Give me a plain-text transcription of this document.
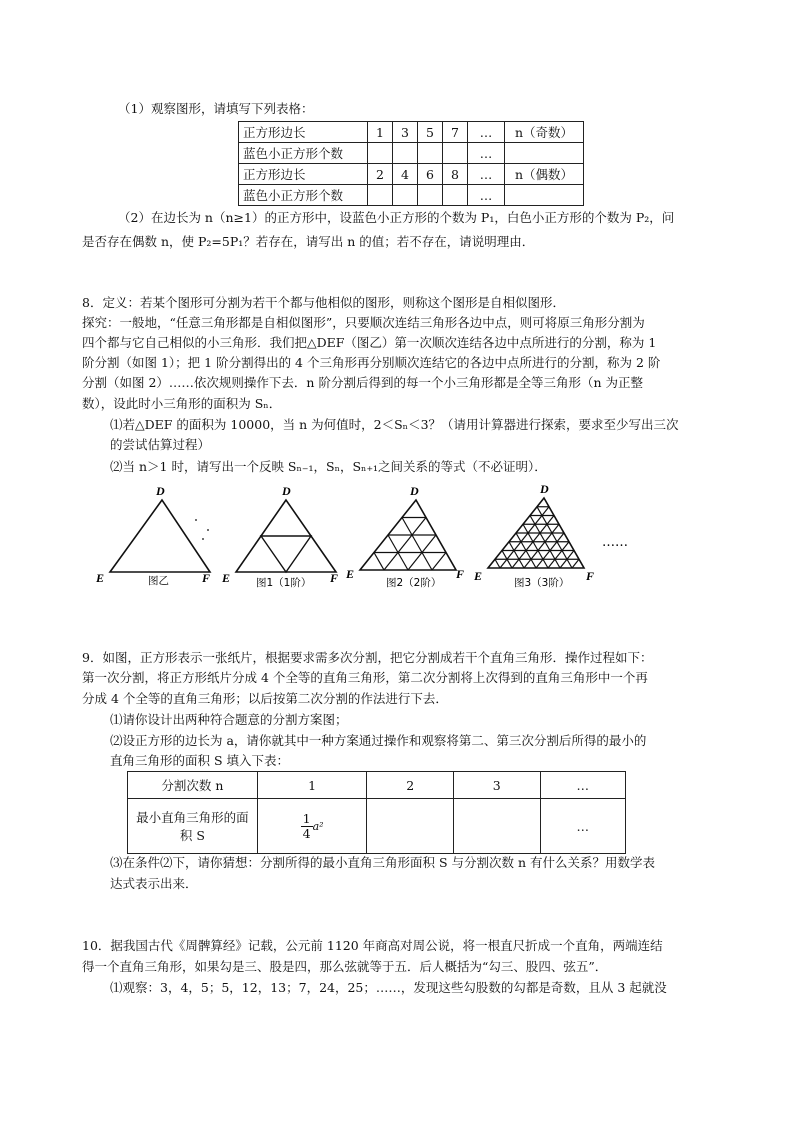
（1）观察图形，请填写下列表格：
正方形边长	1	3	5	7	…	n（奇数）
蓝色小正方形个数					…	
正方形边长	2	4	6	8	…	n（偶数）
蓝色小正方形个数					…	
（2）在边长为 n（n≥1）的正方形中，设蓝色小正方形的个数为 P₁，白色小正方形的个数为 P₂，问
是否存在偶数 n，使 P₂=5P₁？若存在，请写出 n 的值；若不存在，请说明理由．
8．定义：若某个图形可分割为若干个都与他相似的图形，则称这个图形是自相似图形．
探究：一般地，“任意三角形都是自相似图形”，只要顺次连结三角形各边中点，则可将原三角形分割为
四个都与它自己相似的小三角形．我们把△DEF（图乙）第一次顺次连结各边中点所进行的分割，称为 1
阶分割（如图 1）；把 1 阶分割得出的 4 个三角形再分别顺次连结它的各边中点所进行的分割，称为 2 阶
分割（如图 2）……依次规则操作下去．n 阶分割后得到的每一个小三角形都是全等三角形（n 为正整
数），设此时小三角形的面积为 Sₙ．
⑴若△DEF 的面积为 10000，当 n 为何值时，2＜Sₙ＜3？（请用计算器进行探索，要求至少写出三次
的尝试估算过程）
⑵当 n＞1 时，请写出一个反映 Sₙ₋₁，Sₙ，Sₙ₊₁之间关系的等式（不必证明）．
D
E	F
图乙
D
E	F
图1（1阶）
D
E	F
图2（2阶）
D
E	F
图3（3阶）
……
9．如图，正方形表示一张纸片，根据要求需多次分割，把它分割成若干个直角三角形．操作过程如下：
第一次分割，将正方形纸片分成 4 个全等的直角三角形，第二次分割将上次得到的直角三角形中一个再
分成 4 个全等的直角三角形；以后按第二次分割的作法进行下去．
⑴请你设计出两种符合题意的分割方案图；
⑵设正方形的边长为 a，请你就其中一种方案通过操作和观察将第二、第三次分割后所得的最小的
直角三角形的面积 S 填入下表：
分割次数 n	1	2	3	…
最小直角三角形的面积 S	$\frac{1}{4} a^2$			…
⑶在条件⑵下，请你猜想：分割所得的最小直角三角形面积 S 与分割次数 n 有什么关系？用数学表
达式表示出来．
10．据我国古代《周髀算经》记载，公元前 1120 年商高对周公说，将一根直尺折成一个直角，两端连结
得一个直角三角形，如果勾是三、股是四，那么弦就等于五．后人概括为“勾三、股四、弦五”．
⑴观察：3，4，5；5，12，13；7，24，25；……，发现这些勾股数的勾都是奇数，且从 3 起就没
